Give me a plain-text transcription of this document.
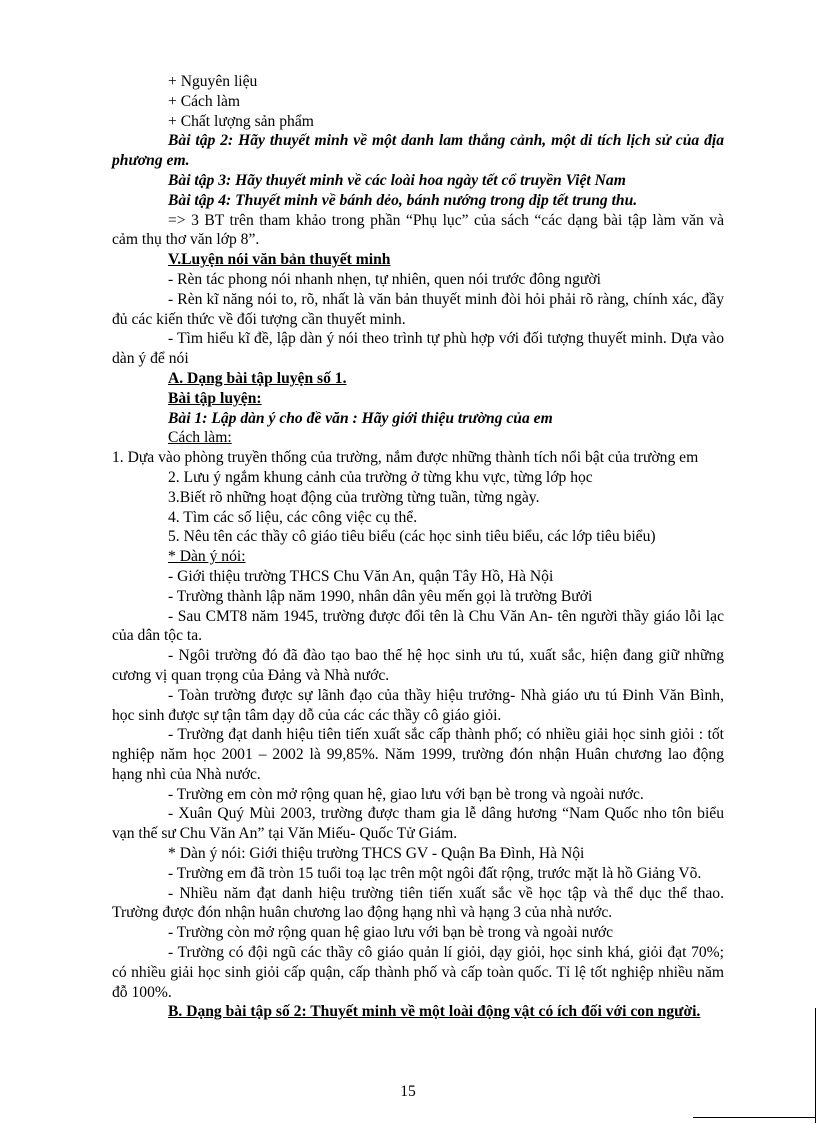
+ Nguyên liệu

+ Cách làm

+ Chất lượng sản phẩm

Bài tập 2: Hãy thuyết minh về một danh lam thắng cảnh, một di tích lịch sử của địa phương em.

Bài tập 3: Hãy thuyết minh về các loài hoa ngày tết cổ truyền Việt Nam

Bài tập 4: Thuyết minh về bánh dẻo, bánh nướng trong dịp tết trung thu.

=> 3 BT trên tham khảo trong phần “Phụ lục” của sách “các dạng bài tập làm văn và cảm thụ thơ văn lớp 8”.

V.Luyện nói văn bản thuyết minh

- Rèn tác phong nói nhanh nhẹn, tự nhiên, quen nói trước đông người

- Rèn kĩ năng nói to, rõ, nhất là văn bản thuyết minh đòi hỏi phải rõ ràng, chính xác, đầy đủ các kiến thức về đối tượng cần thuyết minh.

- Tìm hiểu kĩ đề, lập dàn ý nói theo trình tự phù hợp với đối tượng thuyết minh. Dựa vào dàn ý để nói

A. Dạng bài tập luyện số 1.

Bài tập luyện:

Bài 1: Lập dàn ý cho đề văn : Hãy giới thiệu trường của em

Cách làm:

1. Dựa vào phòng truyền thống của trường, nắm được những thành tích nổi bật của trường em

2. Lưu ý ngắm khung cảnh của trường ở từng khu vực, từng lớp học

3.Biết rõ những hoạt động của trường từng tuần, từng ngày.

4. Tìm các số liệu, các công việc cụ thể.

5. Nêu tên các thầy cô giáo tiêu biểu (các học sinh tiêu biểu, các lớp tiêu biểu)

* Dàn ý nói:

- Giới thiệu trường THCS Chu Văn An, quận Tây Hồ, Hà Nội

- Trường thành lập năm 1990, nhân dân yêu mến gọi là trường Bưởi

- Sau CMT8 năm 1945, trường được đổi tên là Chu Văn An- tên người thầy giáo lỗi lạc của dân tộc ta.

- Ngôi trường đó đã đào tạo bao thế hệ học sinh ưu tú, xuất sắc, hiện đang giữ những cương vị quan trọng của Đảng và Nhà nước.

- Toàn trường được sự lãnh đạo của thầy hiệu trưởng- Nhà giáo ưu tú Đinh Văn Bình, học sinh được sự tận tâm dạy dỗ của các các thầy cô giáo giỏi.

- Trường đạt danh hiệu tiên tiến xuất sắc cấp thành phố; có nhiều giải học sinh giỏi : tốt nghiệp năm học 2001 – 2002 là 99,85%. Năm 1999, trường đón nhận Huân chương lao động hạng nhì của Nhà nước.

- Trường em còn mở rộng quan hệ, giao lưu với bạn bè trong và ngoài nước.

- Xuân Quý Mùi 2003, trường được tham gia lễ dâng hương “Nam Quốc nho tôn biểu vạn thế sư Chu Văn An” tại Văn Miếu- Quốc Tử Giám.

* Dàn ý nói: Giới thiệu trường THCS GV - Quận Ba Đình, Hà Nội

- Trường em đã tròn 15 tuổi toạ lạc trên một ngôi đất rộng, trước mặt là hồ Giảng Võ.

- Nhiều năm đạt danh hiệu trường tiên tiến xuất sắc về học tập và thể dục thể thao. Trường được đón nhận huân chương lao động hạng nhì và hạng 3 của nhà nước.

- Trường còn mở rộng quan hệ giao lưu với bạn bè trong và ngoài nước

- Trường có đội ngũ các thầy cô giáo quản lí giỏi, dạy giỏi, học sinh khá, giỏi đạt 70%; có nhiều giải học sinh giỏi cấp quận, cấp thành phố và cấp toàn quốc. Tỉ lệ tốt nghiệp nhiều năm đỗ 100%.

B. Dạng bài tập số 2: Thuyết minh về một loài động vật có ích đối với con người.

15
